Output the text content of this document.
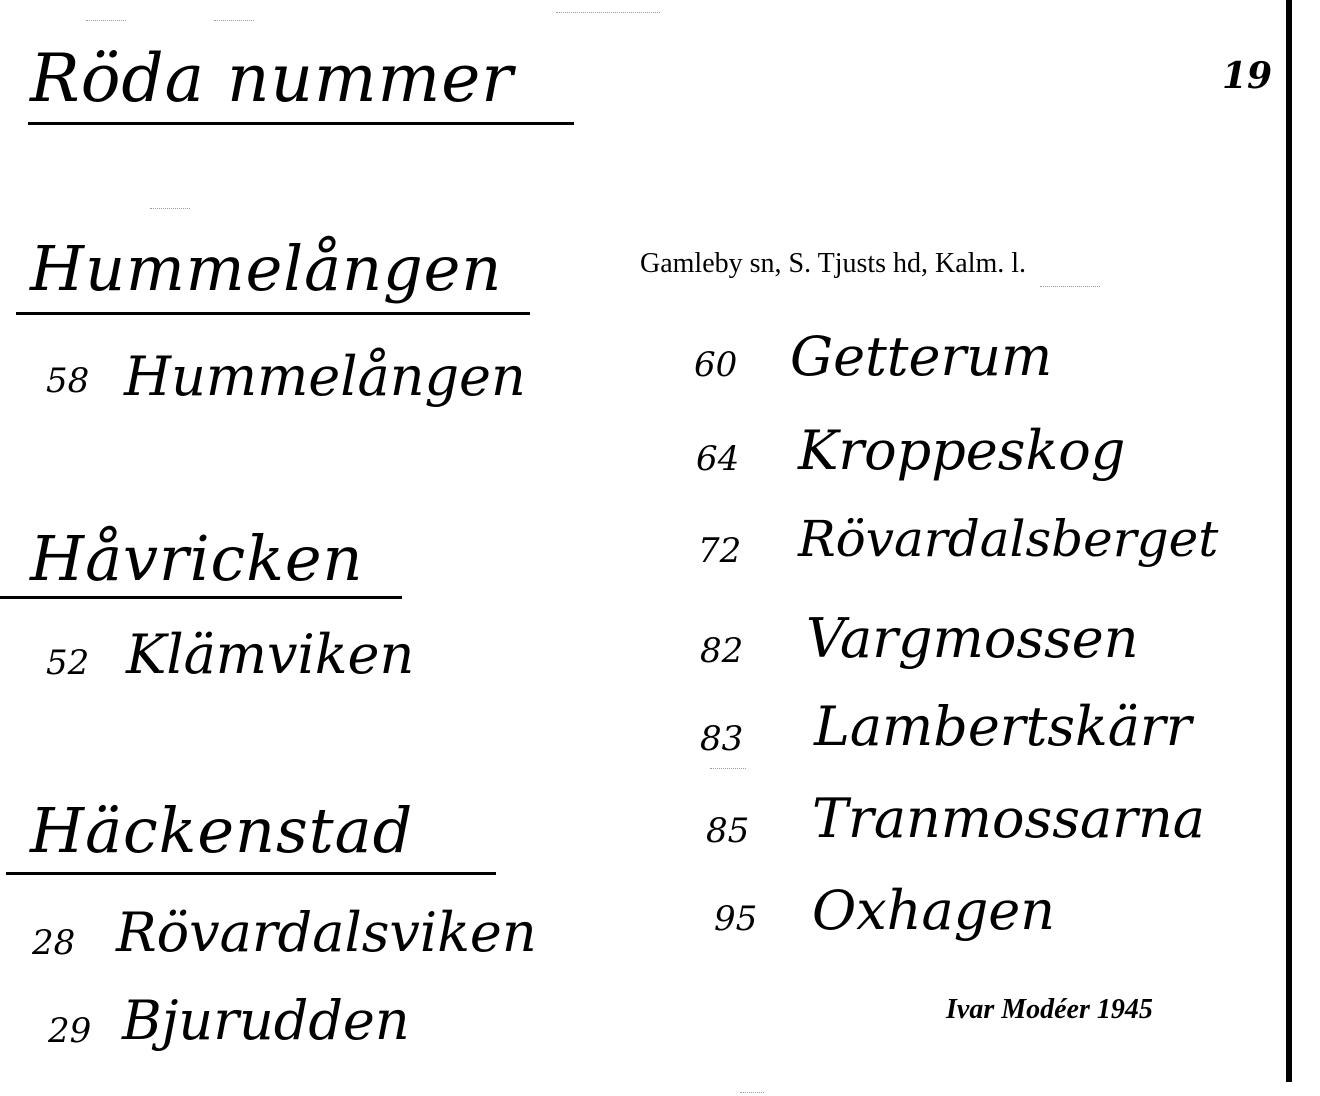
Röda nummer	19
Hummelången
58 Hummelången
Håvricken
52 Klämviken
Häckenstad
28 Rövardalsviken
29 Bjurudden
Gamleby sn, S. Tjusts hd, Kalm. l.
60 Getterum
64 Kroppeskog
72 Rövardalsberget
82 Vargmossen
83 Lambertskärr
85 Tranmossarna
95 Oxhagen
Ivar Modéer 1945
